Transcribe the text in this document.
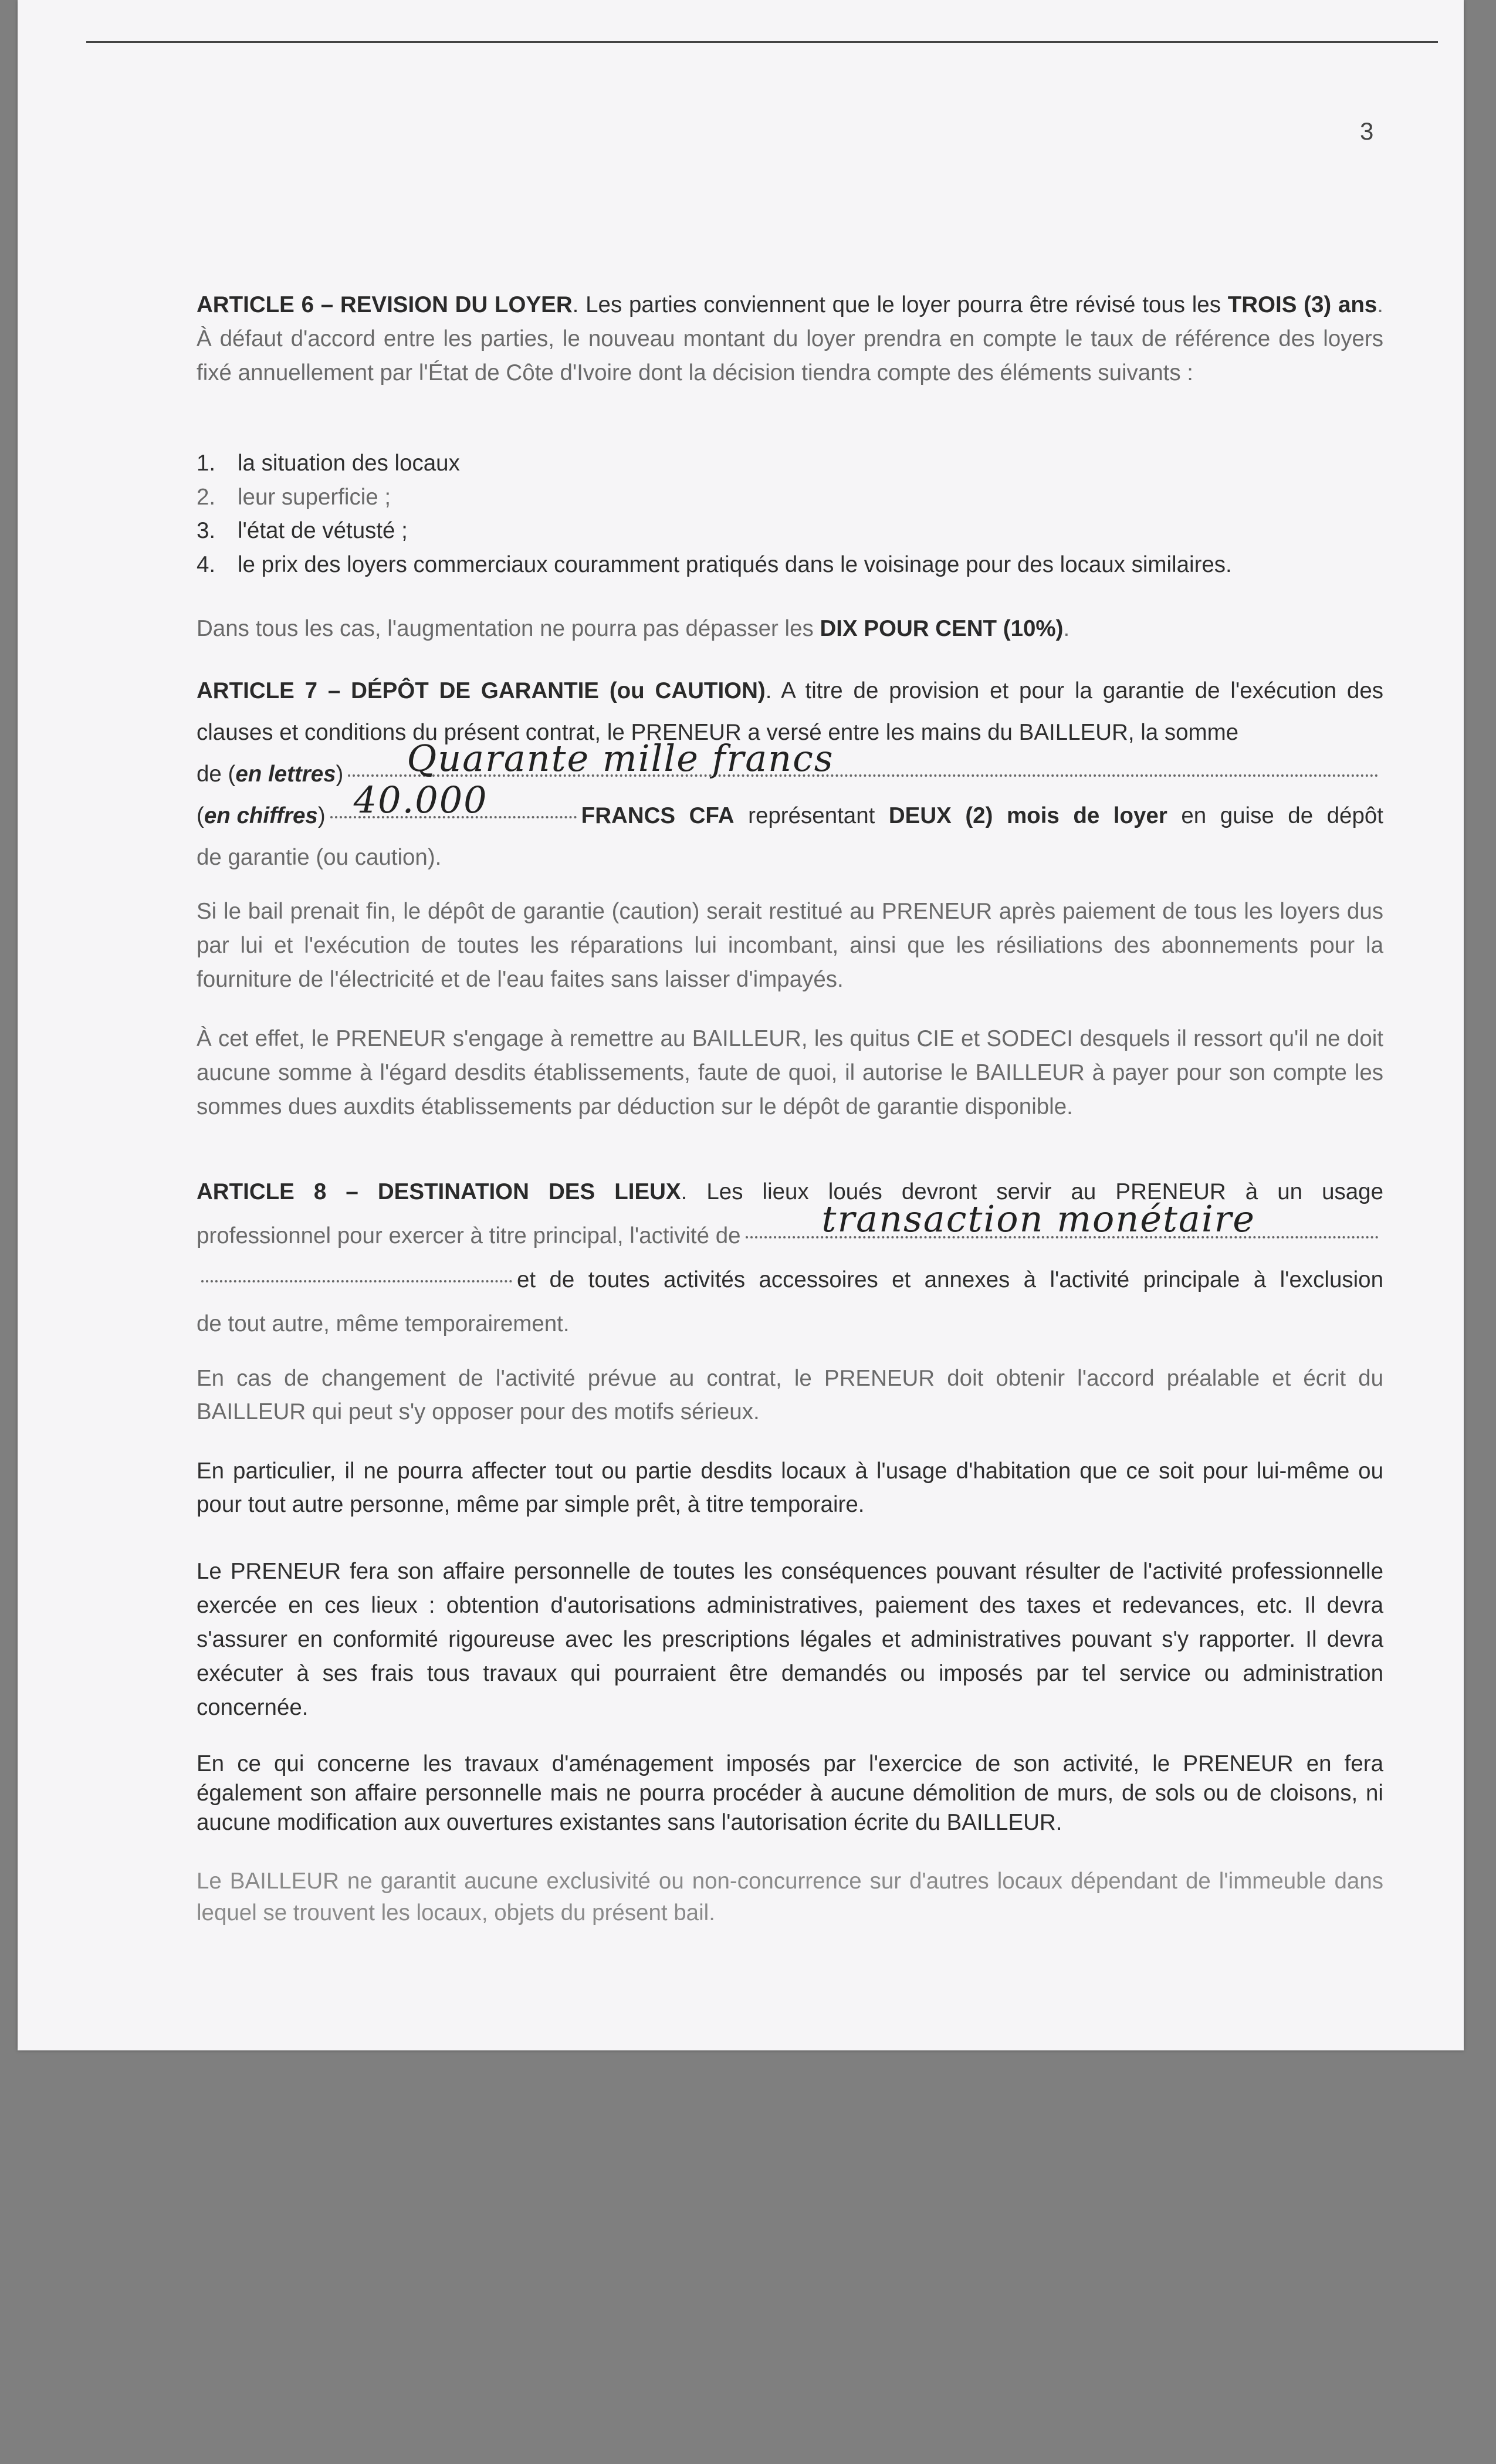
3
ARTICLE 6 – REVISION DU LOYER. Les parties conviennent que le loyer pourra être révisé tous les TROIS (3) ans. À défaut d'accord entre les parties, le nouveau montant du loyer prendra en compte le taux de référence des loyers fixé annuellement par l'État de Côte d'Ivoire dont la décision tiendra compte des éléments suivants :
1. la situation des locaux
2. leur superficie ;
3. l'état de vétusté ;
4. le prix des loyers commerciaux couramment pratiqués dans le voisinage pour des locaux similaires.
Dans tous les cas, l'augmentation ne pourra pas dépasser les DIX POUR CENT (10%).
ARTICLE 7 – DÉPÔT DE GARANTIE (ou CAUTION). A titre de provision et pour la garantie de l'exécution des clauses et conditions du présent contrat, le PRENEUR a versé entre les mains du BAILLEUR, la somme
de (en lettres) Quarante mille francs
(en chiffres) 40.000	FRANCS CFA représentant DEUX (2) mois de loyer en guise de dépôt
de garantie (ou caution).
Si le bail prenait fin, le dépôt de garantie (caution) serait restitué au PRENEUR après paiement de tous les loyers dus par lui et l'exécution de toutes les réparations lui incombant, ainsi que les résiliations des abonnements pour la fourniture de l'électricité et de l'eau faites sans laisser d'impayés.
À cet effet, le PRENEUR s'engage à remettre au BAILLEUR, les quitus CIE et SODECI desquels il ressort qu'il ne doit aucune somme à l'égard desdits établissements, faute de quoi, il autorise le BAILLEUR à payer pour son compte les sommes dues auxdits établissements par déduction sur le dépôt de garantie disponible.
ARTICLE 8 – DESTINATION DES LIEUX. Les lieux loués devront servir au PRENEUR à un usage
professionnel pour exercer à titre principal, l'activité de transaction monétaire
et de toutes activités accessoires et annexes à l'activité principale à l'exclusion
de tout autre, même temporairement.
En cas de changement de l'activité prévue au contrat, le PRENEUR doit obtenir l'accord préalable et écrit du BAILLEUR qui peut s'y opposer pour des motifs sérieux.
En particulier, il ne pourra affecter tout ou partie desdits locaux à l'usage d'habitation que ce soit pour lui-même ou pour tout autre personne, même par simple prêt, à titre temporaire.
Le PRENEUR fera son affaire personnelle de toutes les conséquences pouvant résulter de l'activité professionnelle exercée en ces lieux : obtention d'autorisations administratives, paiement des taxes et redevances, etc. Il devra s'assurer en conformité rigoureuse avec les prescriptions légales et administratives pouvant s'y rapporter. Il devra exécuter à ses frais tous travaux qui pourraient être demandés ou imposés par tel service ou administration concernée.
En ce qui concerne les travaux d'aménagement imposés par l'exercice de son activité, le PRENEUR en fera également son affaire personnelle mais ne pourra procéder à aucune démolition de murs, de sols ou de cloisons, ni aucune modification aux ouvertures existantes sans l'autorisation écrite du BAILLEUR.
Le BAILLEUR ne garantit aucune exclusivité ou non-concurrence sur d'autres locaux dépendant de l'immeuble dans lequel se trouvent les locaux, objets du présent bail.
